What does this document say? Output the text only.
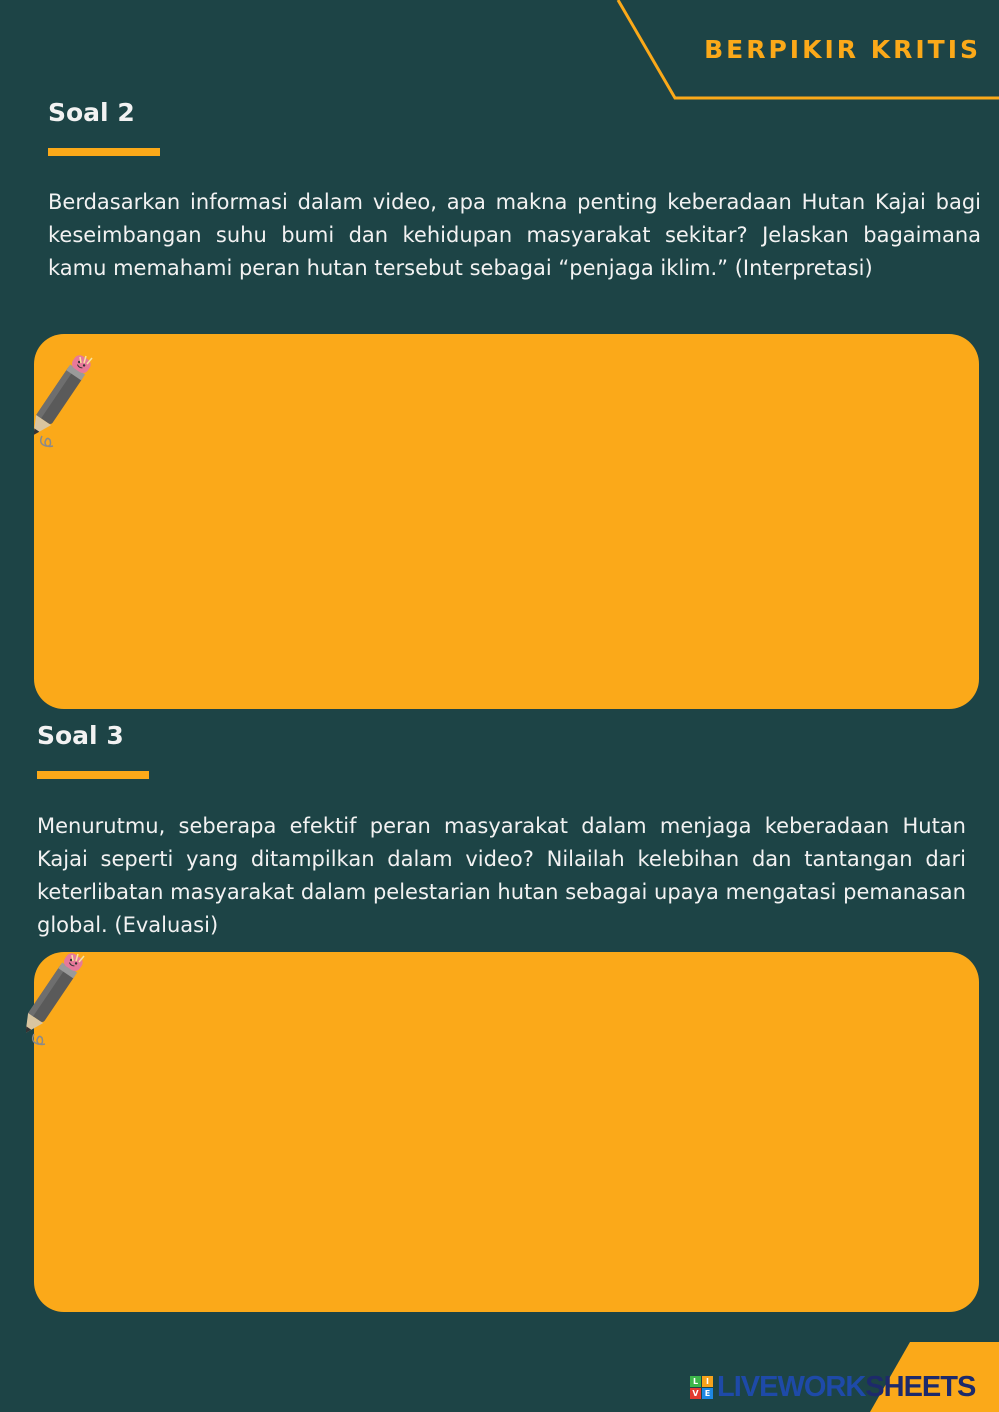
BERPIKIR KRITIS
Soal 2
Berdasarkan informasi dalam video, apa makna penting keberadaan Hutan Kajai bagi keseimbangan suhu bumi dan kehidupan masyarakat sekitar? Jelaskan bagaimana kamu memahami peran hutan tersebut sebagai “penjaga iklim.” (Interpretasi)
Soal 3
Menurutmu, seberapa efektif peran masyarakat dalam menjaga keberadaan Hutan Kajai seperti yang ditampilkan dalam video? Nilailah kelebihan dan tantangan dari keterlibatan masyarakat dalam pelestarian hutan sebagai upaya mengatasi pemanasan global. (Evaluasi)
L I
V E LIVEWORKSHEETS
